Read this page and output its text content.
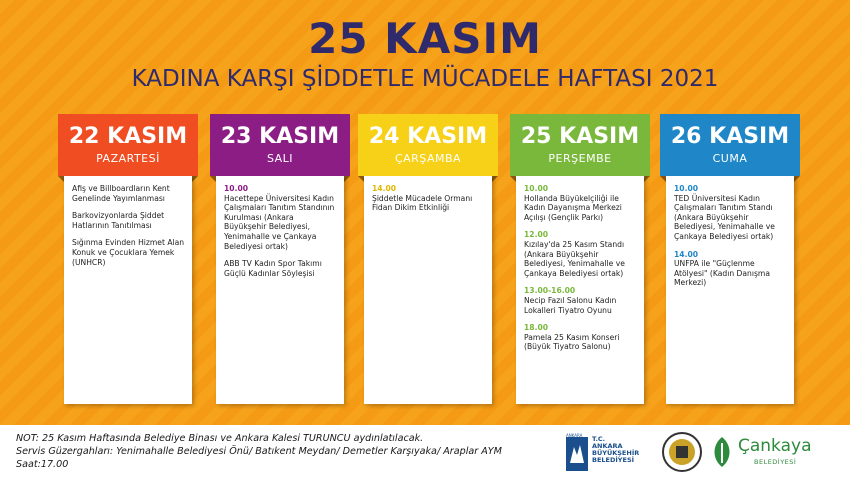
25 KASIM
KADINA KARŞI ŞİDDETLE MÜCADELE HAFTASI 2021
Afiş ve Billboardların Kent Genelinde Yayımlanması
Barkovizyonlarda Şiddet Hatlarının Tanıtılması
Sığınma Evinden Hizmet Alan Konuk ve Çocuklara Yemek (UNHCR)
22 KASIM
PAZARTESİ
10.00
Hacettepe Üniversitesi Kadın Çalışmaları Tanıtım Standının Kurulması (Ankara Büyükşehir Belediyesi, Yenimahalle ve Çankaya Belediyesi ortak)
ABB TV Kadın Spor Takımı Güçlü Kadınlar Söyleşisi
23 KASIM
SALI
14.00
Şiddetle Mücadele Ormanı Fidan Dikim Etkinliği
24 KASIM
ÇARŞAMBA
10.00
Hollanda Büyükelçiliği ile Kadın Dayanışma Merkezi Açılışı (Gençlik Parkı)
12.00
Kızılay'da 25 Kasım Standı (Ankara Büyükşehir Belediyesi, Yenimahalle ve Çankaya Belediyesi ortak)
13.00-16.00
Necip Fazıl Salonu Kadın Lokalleri Tiyatro Oyunu
18.00
Pamela 25 Kasım Konseri (Büyük Tiyatro Salonu)
25 KASIM
PERŞEMBE
10.00
TED Üniversitesi Kadın Çalışmaları Tanıtım Standı (Ankara Büyükşehir Belediyesi, Yenimahalle ve Çankaya Belediyesi ortak)
14.00
UNFPA ile "Güçlenme Atölyesi" (Kadın Danışma Merkezi)
26 KASIM
CUMA
NOT: 25 Kasım Haftasında Belediye Binası ve Ankara Kalesi TURUNCU aydınlatılacak.
Servis Güzergahları: Yenimahalle Belediyesi Önü/ Batıkent Meydan/ Demetler Karşıyaka/ Araplar AYM
Saat:17.00
ANKARA T.C.
ANKARA
BÜYÜKŞEHİR
BELEDİYESİ
Çankaya
BELEDİYESİ
